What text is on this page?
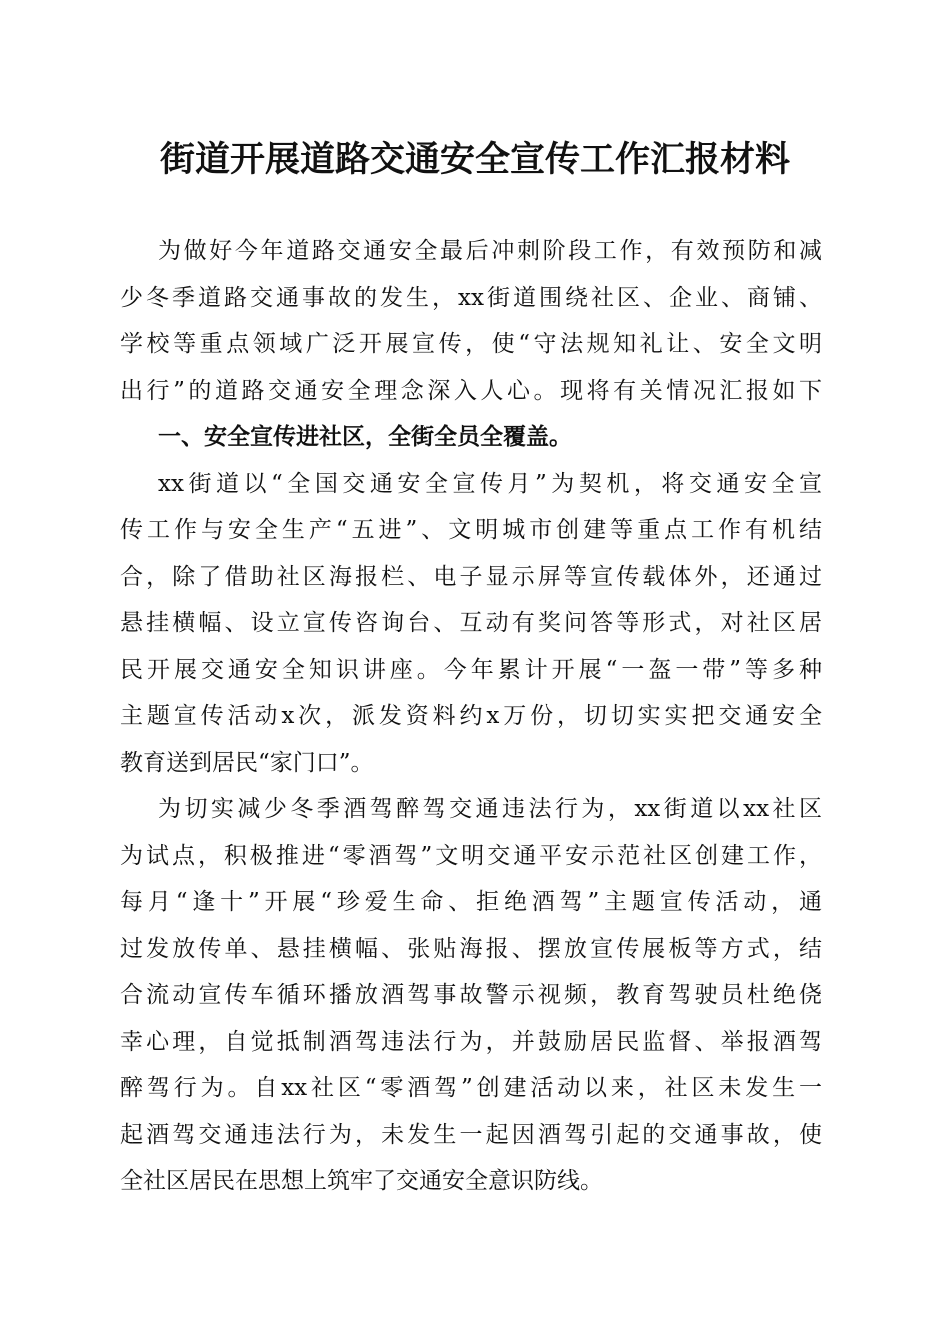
街道开展道路交通安全宣传工作汇报材料
为做好今年道路交通安全最后冲刺阶段工作，有效预防和减
少冬季道路交通事故的发生，xx街道围绕社区、企业、商铺、
学校等重点领域广泛开展宣传，使“守法规知礼让、安全文明
出行”的道路交通安全理念深入人心。现将有关情况汇报如下
一、安全宣传进社区，全街全员全覆盖。
xx街道以“全国交通安全宣传月”为契机，将交通安全宣
传工作与安全生产“五进”、文明城市创建等重点工作有机结
合，除了借助社区海报栏、电子显示屏等宣传载体外，还通过
悬挂横幅、设立宣传咨询台、互动有奖问答等形式，对社区居
民开展交通安全知识讲座。今年累计开展“一盔一带”等多种
主题宣传活动x次，派发资料约x万份，切切实实把交通安全
教育送到居民“家门口”。
为切实减少冬季酒驾醉驾交通违法行为，xx街道以xx社区
为试点，积极推进“零酒驾”文明交通平安示范社区创建工作，
每月“逢十”开展“珍爱生命、拒绝酒驾”主题宣传活动，通
过发放传单、悬挂横幅、张贴海报、摆放宣传展板等方式，结
合流动宣传车循环播放酒驾事故警示视频，教育驾驶员杜绝侥
幸心理，自觉抵制酒驾违法行为，并鼓励居民监督、举报酒驾
醉驾行为。自xx社区“零酒驾”创建活动以来，社区未发生一
起酒驾交通违法行为，未发生一起因酒驾引起的交通事故，使
全社区居民在思想上筑牢了交通安全意识防线。
